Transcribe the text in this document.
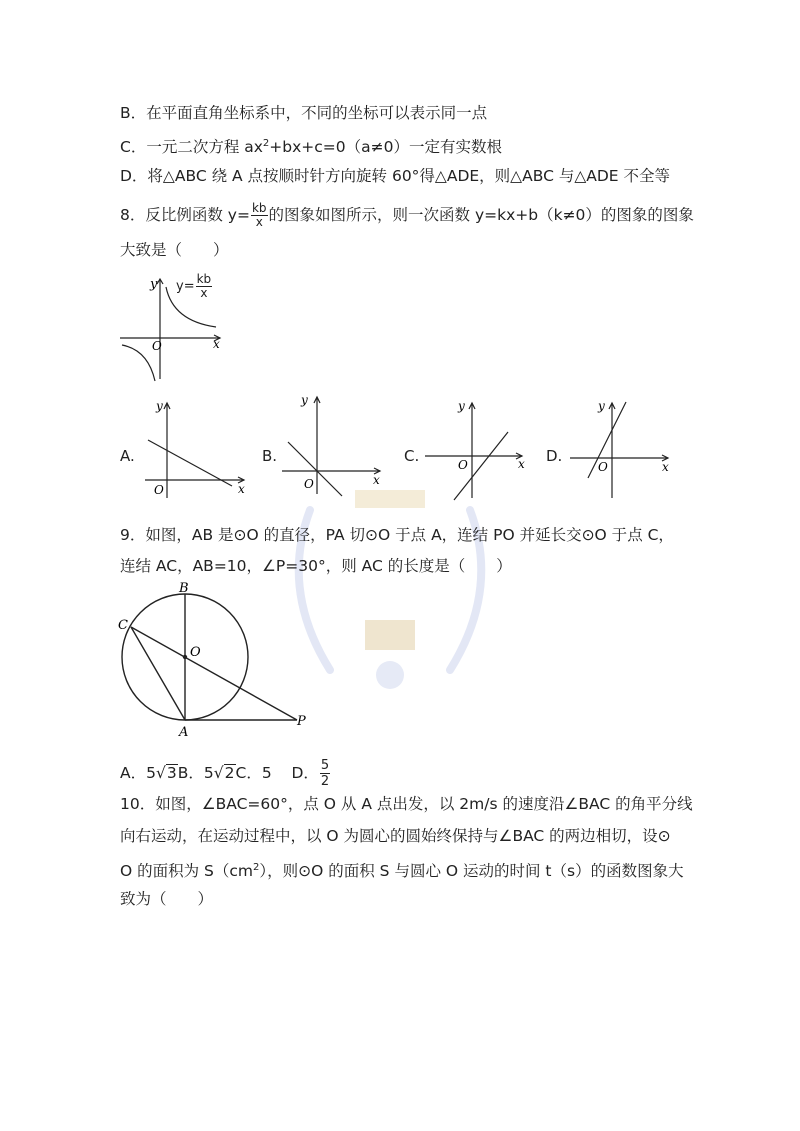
B．在平面直角坐标系中，不同的坐标可以表示同一点
C．一元二次方程 $ax^2+bx+c=0(a\ne 0)$一定有实数根
D．将△ABC 绕 A 点按顺时针方向旋转 60°得△ADE，则△ABC 与△ADE 不全等
8．反比例函数 $y= \frac{kb}{x}$ 的图象如图所示，则一次函数 y=kx+b（k≠0）的图象的图象
大致是（　　）
y
O	x
$y= \frac{kb}{x}$
A.
y
O	x
B.
y
O	x
C.
y
O	x D.
y
O	x
9．如图，AB 是⊙O 的直径，PA 切⊙O 于点 A，连结 PO 并延长交⊙O 于点 C，
连结 AC，AB=10，∠P=30°，则 AC 的长度是（　　）
B
C
O
A
P
A．5√3B．5√2C．5 D． $\frac{5}{2}$
10．如图，∠BAC=60°，点 O 从 A 点出发，以 2m/s 的速度沿∠BAC 的角平分线
向右运动，在运动过程中，以 O 为圆心的圆始终保持与∠BAC 的两边相切，设⊙
O 的面积为 $S(cm^2)$，则⊙O 的面积 S 与圆心 O 运动的时间 t（s）的函数图象大
致为（　　）
